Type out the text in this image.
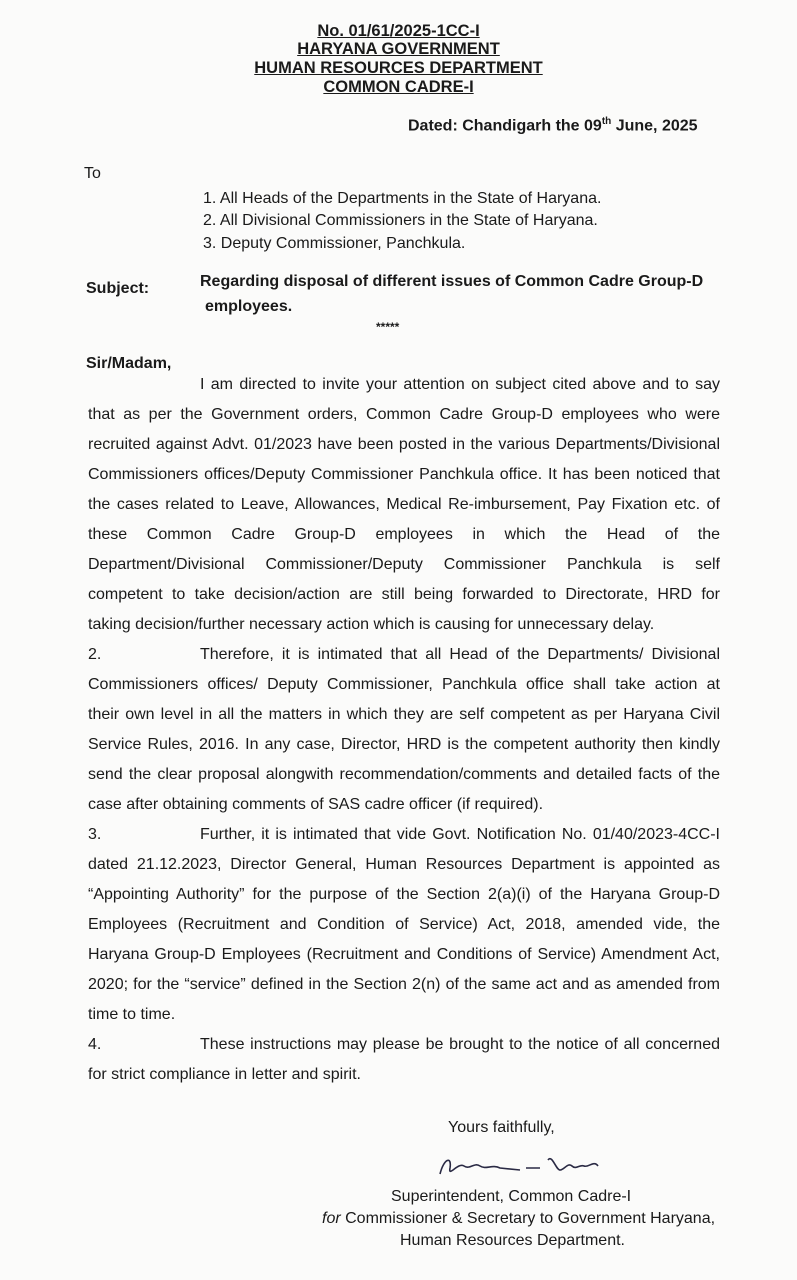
No. 01/61/2025-1CC-I
HARYANA GOVERNMENT
HUMAN RESOURCES DEPARTMENT
COMMON CADRE-I
Dated: Chandigarh the 09th June, 2025
To
1. All Heads of the Departments in the State of Haryana.
2. All Divisional Commissioners in the State of Haryana.
3. Deputy Commissioner, Panchkula.
Subject:	Regarding disposal of different issues of Common Cadre Group-D
employees.
*****
Sir/Madam,
I am directed to invite your attention on subject cited above and to say
that as per the Government orders, Common Cadre Group-D employees who were
recruited against Advt. 01/2023 have been posted in the various Departments/Divisional
Commissioners offices/Deputy Commissioner Panchkula office. It has been noticed that
the cases related to Leave, Allowances, Medical Re-imbursement, Pay Fixation etc. of
these Common Cadre Group-D employees in which the Head of the
Department/Divisional Commissioner/Deputy Commissioner Panchkula is self
competent to take decision/action are still being forwarded to Directorate, HRD for
taking decision/further necessary action which is causing for unnecessary delay.
2.	Therefore, it is intimated that all Head of the Departments/ Divisional
Commissioners offices/ Deputy Commissioner, Panchkula office shall take action at
their own level in all the matters in which they are self competent as per Haryana Civil
Service Rules, 2016. In any case, Director, HRD is the competent authority then kindly
send the clear proposal alongwith recommendation/comments and detailed facts of the
case after obtaining comments of SAS cadre officer (if required).
3.	Further, it is intimated that vide Govt. Notification No. 01/40/2023-4CC-I
dated 21.12.2023, Director General, Human Resources Department is appointed as
“Appointing Authority” for the purpose of the Section 2(a)(i) of the Haryana Group-D
Employees (Recruitment and Condition of Service) Act, 2018, amended vide, the
Haryana Group-D Employees (Recruitment and Conditions of Service) Amendment Act,
2020; for the “service” defined in the Section 2(n) of the same act and as amended from
time to time.
4.	These instructions may please be brought to the notice of all concerned
for strict compliance in letter and spirit.
Yours faithfully,
Superintendent, Common Cadre-I
for Commissioner & Secretary to Government Haryana,
Human Resources Department.
